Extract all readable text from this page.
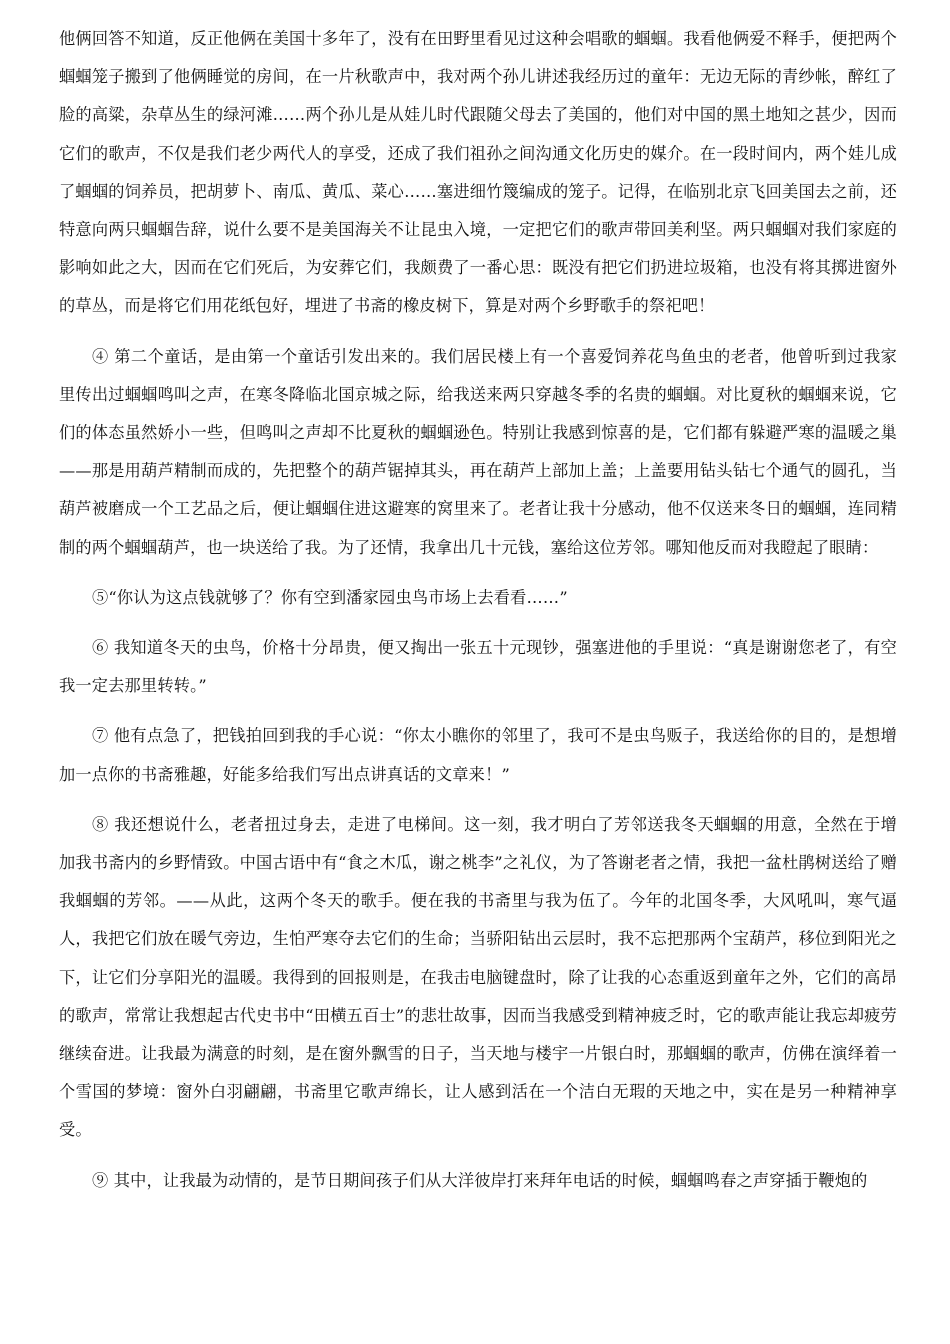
他俩回答不知道，反正他俩在美国十多年了，没有在田野里看见过这种会唱歌的蝈蝈。我看他俩爱不释手，便把两个蝈蝈笼子搬到了他俩睡觉的房间，在一片秋歌声中，我对两个孙儿讲述我经历过的童年：无边无际的青纱帐，醉红了脸的高粱，杂草丛生的绿河滩……两个孙儿是从娃儿时代跟随父母去了美国的，他们对中国的黑土地知之甚少，因而它们的歌声，不仅是我们老少两代人的享受，还成了我们祖孙之间沟通文化历史的媒介。在一段时间内，两个娃儿成了蝈蝈的饲养员，把胡萝卜、南瓜、黄瓜、菜心……塞进细竹篾编成的笼子。记得，在临别北京飞回美国去之前，还特意向两只蝈蝈告辞，说什么要不是美国海关不让昆虫入境，一定把它们的歌声带回美利坚。两只蝈蝈对我们家庭的影响如此之大，因而在它们死后，为安葬它们，我颇费了一番心思：既没有把它们扔进垃圾箱，也没有将其掷进窗外的草丛，而是将它们用花纸包好，埋进了书斋的橡皮树下，算是对两个乡野歌手的祭祀吧！

④ 第二个童话，是由第一个童话引发出来的。我们居民楼上有一个喜爱饲养花鸟鱼虫的老者，他曾听到过我家里传出过蝈蝈鸣叫之声，在寒冬降临北国京城之际，给我送来两只穿越冬季的名贵的蝈蝈。对比夏秋的蝈蝈来说，它们的体态虽然娇小一些，但鸣叫之声却不比夏秋的蝈蝈逊色。特别让我感到惊喜的是，它们都有躲避严寒的温暖之巢——那是用葫芦精制而成的，先把整个的葫芦锯掉其头，再在葫芦上部加上盖；上盖要用钻头钻七个通气的圆孔，当葫芦被磨成一个工艺品之后，便让蝈蝈住进这避寒的窝里来了。老者让我十分感动，他不仅送来冬日的蝈蝈，连同精制的两个蝈蝈葫芦，也一块送给了我。为了还情，我拿出几十元钱，塞给这位芳邻。哪知他反而对我瞪起了眼睛：

⑤“你认为这点钱就够了？你有空到潘家园虫鸟市场上去看看……”

⑥ 我知道冬天的虫鸟，价格十分昂贵，便又掏出一张五十元现钞，强塞进他的手里说：“真是谢谢您老了，有空我一定去那里转转。”

⑦ 他有点急了，把钱拍回到我的手心说：“你太小瞧你的邻里了，我可不是虫鸟贩子，我送给你的目的，是想增加一点你的书斋雅趣，好能多给我们写出点讲真话的文章来！”

⑧ 我还想说什么，老者扭过身去，走进了电梯间。这一刻，我才明白了芳邻送我冬天蝈蝈的用意，全然在于增加我书斋内的乡野情致。中国古语中有“食之木瓜，谢之桃李”之礼仪，为了答谢老者之情，我把一盆杜鹃树送给了赠我蝈蝈的芳邻。——从此，这两个冬天的歌手。便在我的书斋里与我为伍了。今年的北国冬季，大风吼叫，寒气逼人，我把它们放在暖气旁边，生怕严寒夺去它们的生命；当骄阳钻出云层时，我不忘把那两个宝葫芦，移位到阳光之下，让它们分享阳光的温暖。我得到的回报则是，在我击电脑键盘时，除了让我的心态重返到童年之外，它们的高昂的歌声，常常让我想起古代史书中“田横五百士”的悲壮故事，因而当我感受到精神疲乏时，它的歌声能让我忘却疲劳继续奋进。让我最为满意的时刻，是在窗外飘雪的日子，当天地与楼宇一片银白时，那蝈蝈的歌声，仿佛在演绎着一个雪国的梦境：窗外白羽翩翩，书斋里它歌声绵长，让人感到活在一个洁白无瑕的天地之中，实在是另一种精神享受。

⑨ 其中，让我最为动情的，是节日期间孩子们从大洋彼岸打来拜年电话的时候，蝈蝈鸣春之声穿插于鞭炮的
